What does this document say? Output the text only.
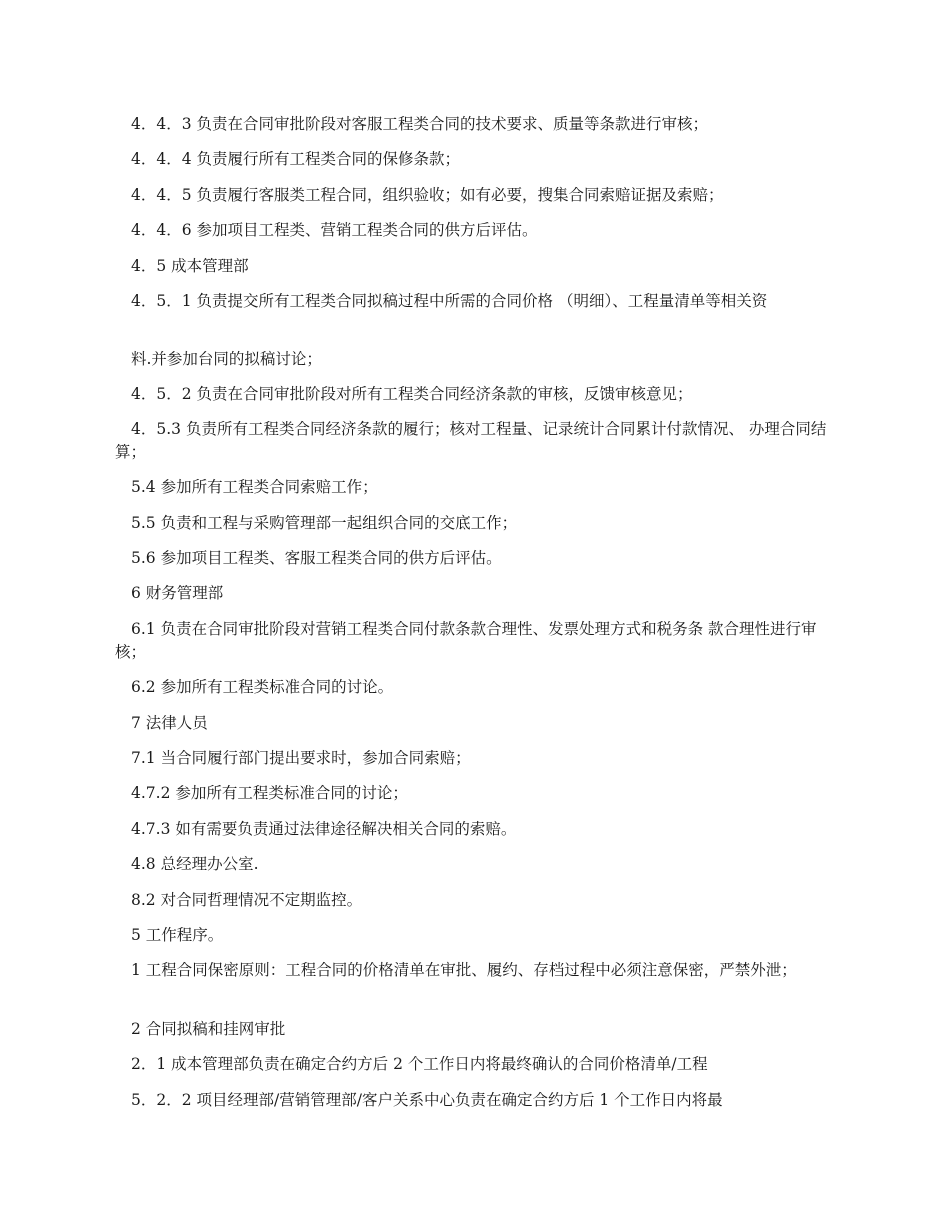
4．4．3 负责在合同审批阶段对客服工程类合同的技术要求、质量等条款进行审核；

4．4．4 负责履行所有工程类合同的保修条款；

4．4．5 负责履行客服类工程合同，组织验收；如有必要，搜集合同索赔证据及索赔；

4．4．6 参加项目工程类、营销工程类合同的供方后评估。

4．5 成本管理部

4．5．1 负责提交所有工程类合同拟稿过程中所需的合同价格 （明细）、工程量清单等相关资

料.并参加台同的拟稿讨论；

4．5．2 负责在合同审批阶段对所有工程类合同经济条款的审核，反馈审核意见；

4．5.3 负责所有工程类合同经济条款的履行；核对工程量、记录统计合同累计付款情况、 办理合同结算；

5.4 参加所有工程类合同索赔工作；

5.5 负责和工程与采购管理部一起组织合同的交底工作；

5.6 参加项目工程类、客服工程类合同的供方后评估。

6 财务管理部

6.1 负责在合同审批阶段对营销工程类合同付款条款合理性、发票处理方式和税务条 款合理性进行审核；

6.2 参加所有工程类标准合同的讨论。

7 法律人员

7.1 当合同履行部门提出要求时，参加合同索赔；

4.7.2 参加所有工程类标准合同的讨论；

4.7.3 如有需要负责通过法律途径解决相关合同的索赔。

4.8 总经理办公室.

8.2 对合同哲理情况不定期监控。

5 工作程序。

1 工程合同保密原则：工程合同的价格清单在审批、履约、存档过程中必须注意保密，严禁外泄；

2 合同拟稿和挂网审批

2．1 成本管理部负责在确定合约方后 2 个工作日内将最终确认的合同价格清单/工程

5．2．2 项目经理部/营销管理部/客户关系中心负责在确定合约方后 1 个工作日内将最
